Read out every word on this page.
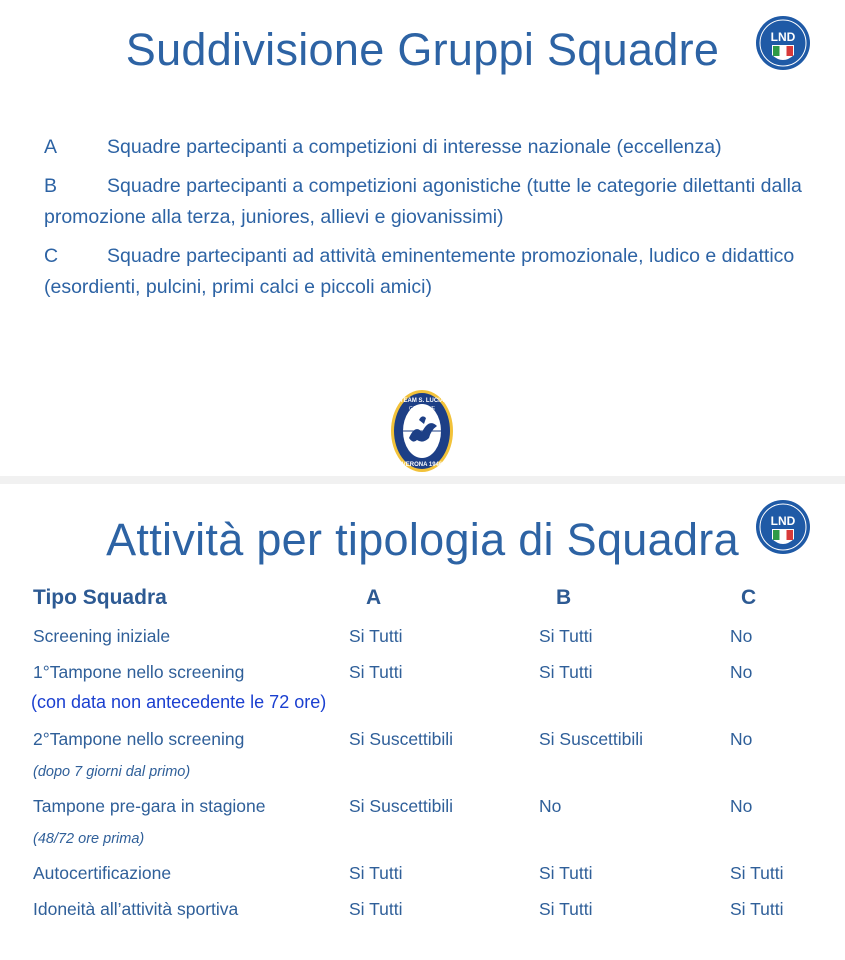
Suddivisione Gruppi Squadre	LND
A	Squadre partecipanti a competizioni di interesse nazionale (eccellenza)
B	Squadre partecipanti a competizioni agonistiche (tutte le categorie dilettanti dalla promozione alla terza, juniores, allievi e giovanissimi)
C	Squadre partecipanti ad attività eminentemente promozionale, ludico e didattico (esordienti, pulcini, primi calci e piccoli amici)
TEAM S. LUCIA
GOLOSINE
VERONA 1946
Attività per tipologia di Squadra	LND
Tipo Squadra	A	B	C
Screening iniziale	Si Tutti	Si Tutti	No
1°Tampone nello screening	Si Tutti	Si Tutti	No
(con data non antecedente le 72 ore)
2°Tampone nello screening	Si Suscettibili	Si Suscettibili	No
(dopo 7 giorni dal primo)
Tampone pre-gara in stagione	Si Suscettibili	No	No
(48/72 ore prima)
Autocertificazione	Si Tutti	Si Tutti	Si Tutti
Idoneità all’attività sportiva	Si Tutti	Si Tutti	Si Tutti
